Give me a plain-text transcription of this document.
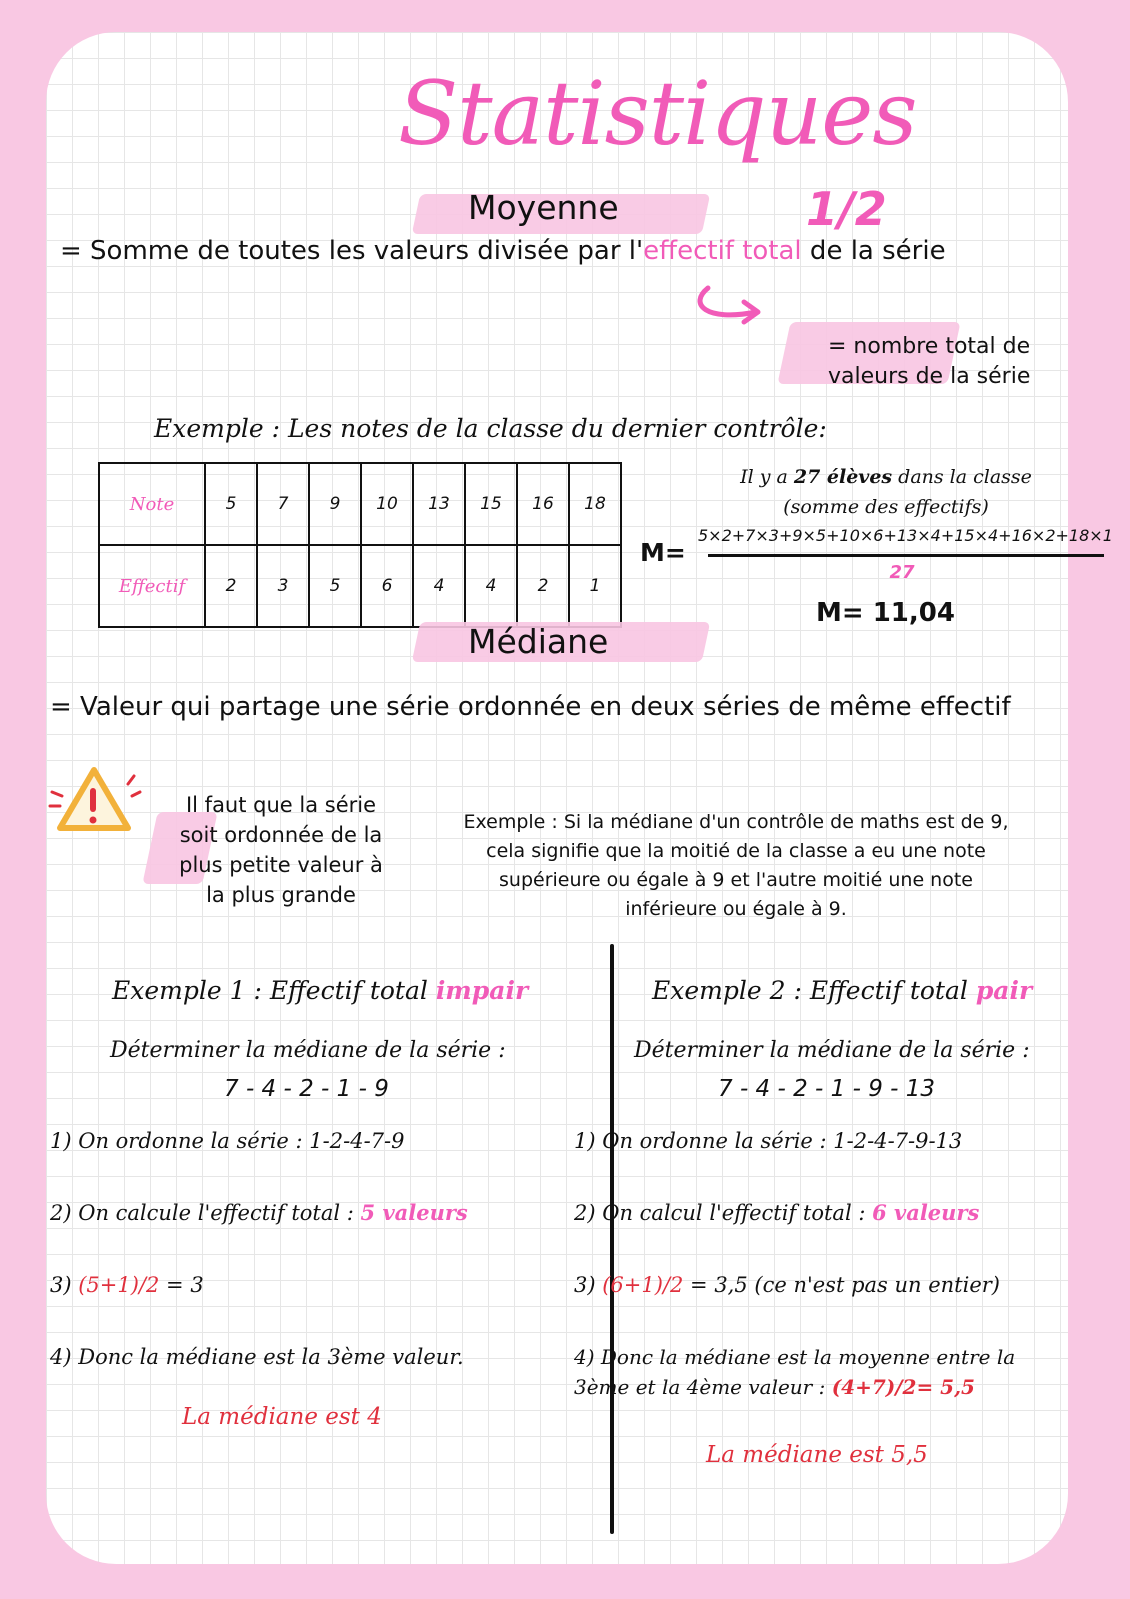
Statistiques
1/2
Moyenne
= Somme de toutes les valeurs divisée par l'effectif total de la série
= nombre total de
valeurs de la série
Exemple : Les notes de la classe du dernier contrôle:
Note	5	7	9	10	13	15	16	18
Effectif	2	3	5	6	4	4	2	1
Il y a 27 élèves dans la classe
(somme des effectifs)
M=
5×2+7×3+9×5+10×6+13×4+15×4+16×2+18×1
27
M= 11,04
Médiane
= Valeur qui partage une série ordonnée en deux séries de même effectif
Il faut que la série
soit ordonnée de la
plus petite valeur à
la plus grande
Exemple : Si la médiane d'un contrôle de maths est de 9,
cela signifie que la moitié de la classe a eu une note
supérieure ou égale à 9 et l'autre moitié une note
inférieure ou égale à 9.
Exemple 1 : Effectif total impair
Déterminer la médiane de la série :
7 - 4 - 2 - 1 - 9
1) On ordonne la série : 1-2-4-7-9
2) On calcule l'effectif total : 5 valeurs
3) (5+1)/2 = 3
4) Donc la médiane est la 3ème valeur.
La médiane est 4
Exemple 2 : Effectif total pair
Déterminer la médiane de la série :
7 - 4 - 2 - 1 - 9 - 13
1) On ordonne la série : 1-2-4-7-9-13
2) On calcul l'effectif total : 6 valeurs
3) (6+1)/2 = 3,5 (ce n'est pas un entier)
4) Donc la médiane est la moyenne entre la
3ème et la 4ème valeur : (4+7)/2= 5,5
La médiane est 5,5
